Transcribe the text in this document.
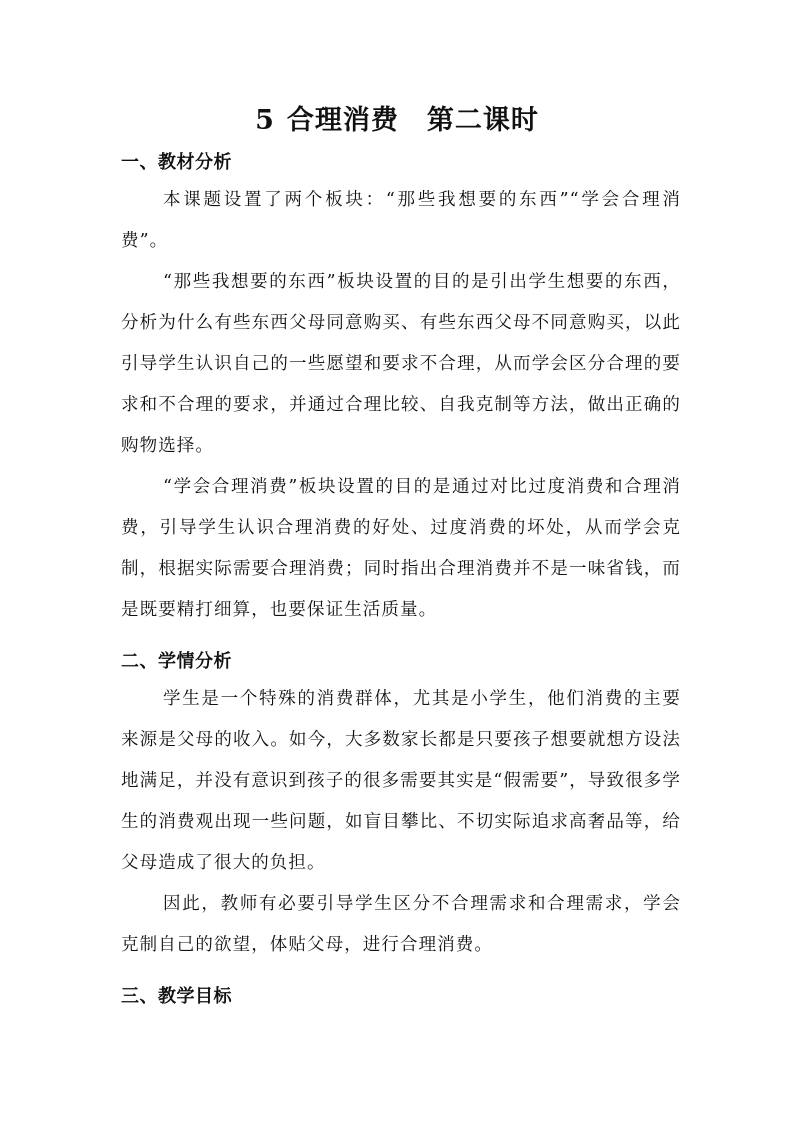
5 合理消费 第二课时
一、教材分析
本课题设置了两个板块：“那些我想要的东西”“学会合理消费”。
“那些我想要的东西”板块设置的目的是引出学生想要的东西，分析为什么有些东西父母同意购买、有些东西父母不同意购买，以此引导学生认识自己的一些愿望和要求不合理，从而学会区分合理的要求和不合理的要求，并通过合理比较、自我克制等方法，做出正确的购物选择。
“学会合理消费”板块设置的目的是通过对比过度消费和合理消费，引导学生认识合理消费的好处、过度消费的坏处，从而学会克制，根据实际需要合理消费；同时指出合理消费并不是一味省钱，而是既要精打细算，也要保证生活质量。
二、学情分析
学生是一个特殊的消费群体，尤其是小学生，他们消费的主要来源是父母的收入。如今，大多数家长都是只要孩子想要就想方设法地满足，并没有意识到孩子的很多需要其实是“假需要”，导致很多学生的消费观出现一些问题，如盲目攀比、不切实际追求高奢品等，给父母造成了很大的负担。
因此，教师有必要引导学生区分不合理需求和合理需求，学会克制自己的欲望，体贴父母，进行合理消费。
三、教学目标
